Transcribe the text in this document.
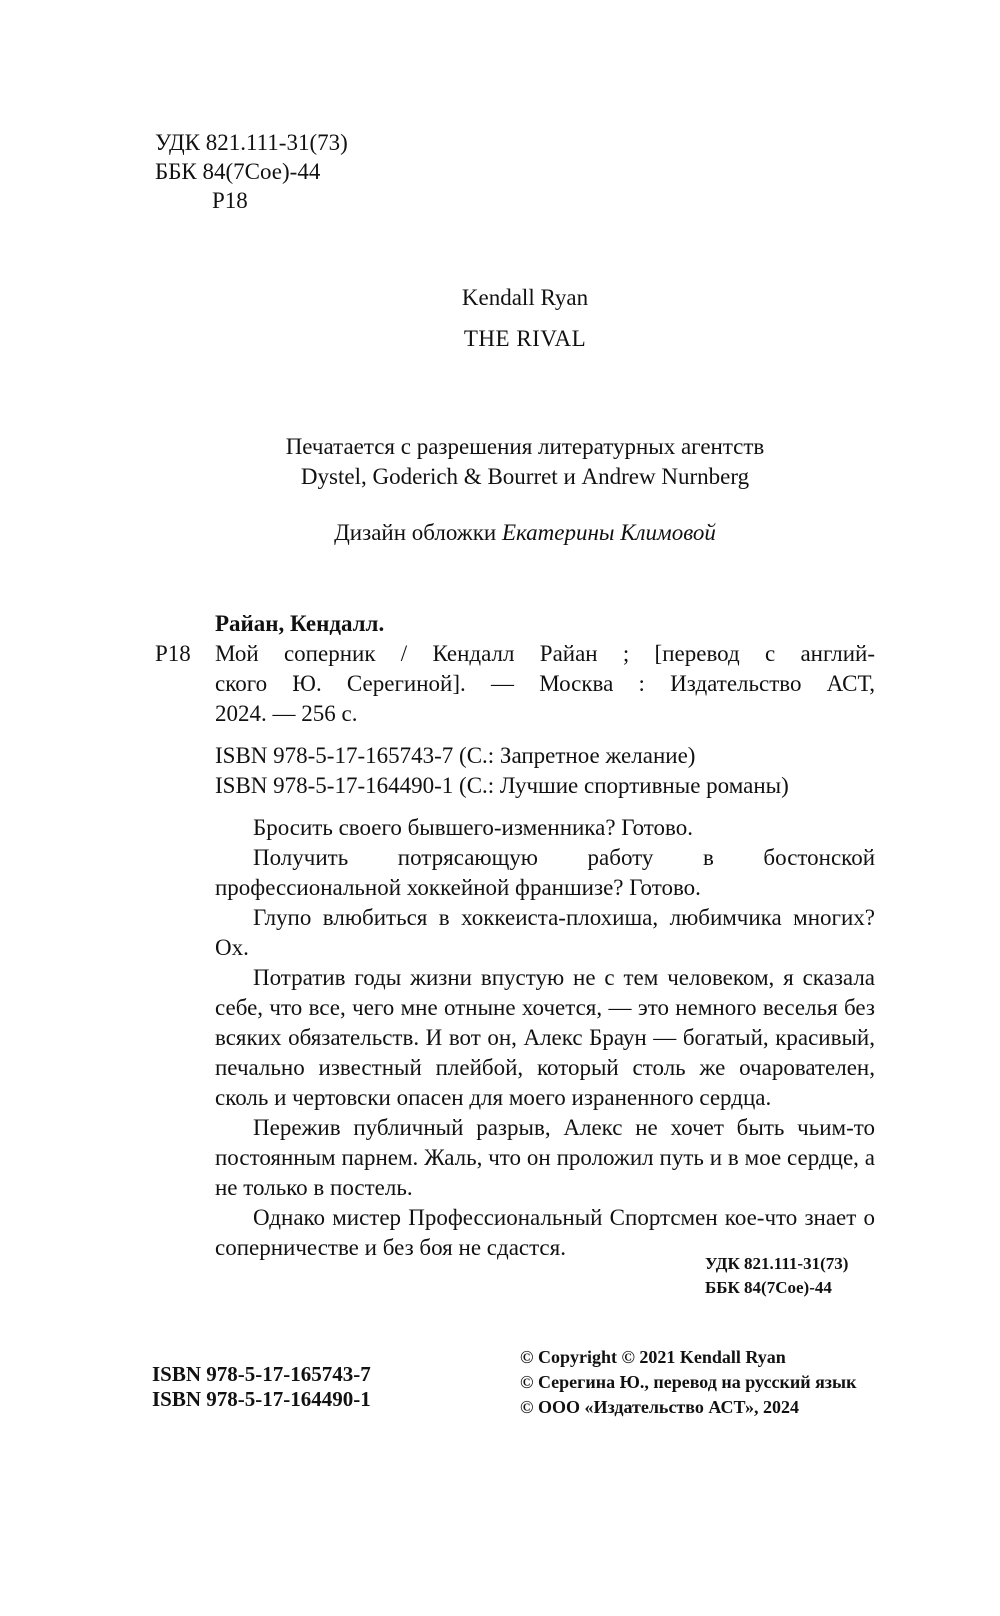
УДК 821.111-31(73)
ББК 84(7Сое)-44
Р18
Kendall Ryan
THE RIVAL
Печатается с разрешения литературных агентств
Dystel, Goderich & Bourret и Andrew Nurnberg
Дизайн обложки Екатерины Климовой
Райан, Кендалл.
Р18	Мой соперник / Кендалл Райан ; [перевод с англий-
ского Ю. Серегиной]. — Москва : Издательство АСТ,
2024. — 256 с.
ISBN 978-5-17-165743-7 (С.: Запретное желание)
ISBN 978-5-17-164490-1 (С.: Лучшие спортивные романы)

Бросить своего бывшего-изменника? Готово.

Получить потрясающую работу в бостонской профессиональной хоккейной франшизе? Готово.

Глупо влюбиться в хоккеиста-плохиша, любимчика многих? Ох.

Потратив годы жизни впустую не с тем человеком, я сказала себе, что все, чего мне отныне хочется, — это немного веселья без всяких обязательств. И вот он, Алекс Браун — богатый, красивый, печально известный плейбой, который столь же очарователен, сколь и чертовски опасен для моего израненного сердца.

Пережив публичный разрыв, Алекс не хочет быть чьим-то постоянным парнем. Жаль, что он проложил путь и в мое сердце, а не только в постель.

Однако мистер Профессиональный Спортсмен кое-что знает о соперничестве и без боя не сдастся.

УДК 821.111-31(73)
ББК 84(7Сое)-44
ISBN 978-5-17-165743-7
ISBN 978-5-17-164490-1
© Copyright © 2021 Kendall Ryan
© Серегина Ю., перевод на русский язык
© ООО «Издательство АСТ», 2024
